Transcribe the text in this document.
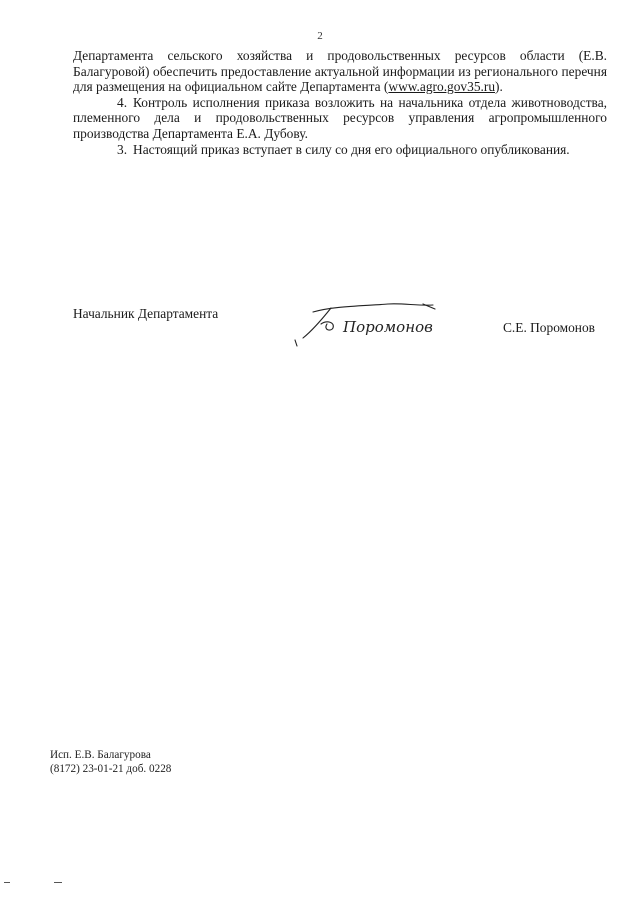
2

Департамента сельского хозяйства и продовольственных ресурсов области (Е.В. Балагуровой) обеспечить предоставление актуальной информации из регионального перечня для размещения на официальном сайте Департамента (www.agro.gov35.ru).

4. Контроль исполнения приказа возложить на начальника отдела животноводства, племенного дела и продовольственных ресурсов управления агропромышленного производства Департамента Е.А. Дубову.

3. Настоящий приказ вступает в силу со дня его официального опубликования.

Начальник Департамента
Поромонов	С.Е. Поромонов
Исп. Е.В. Балагурова
(8172) 23-01-21 доб. 0228
